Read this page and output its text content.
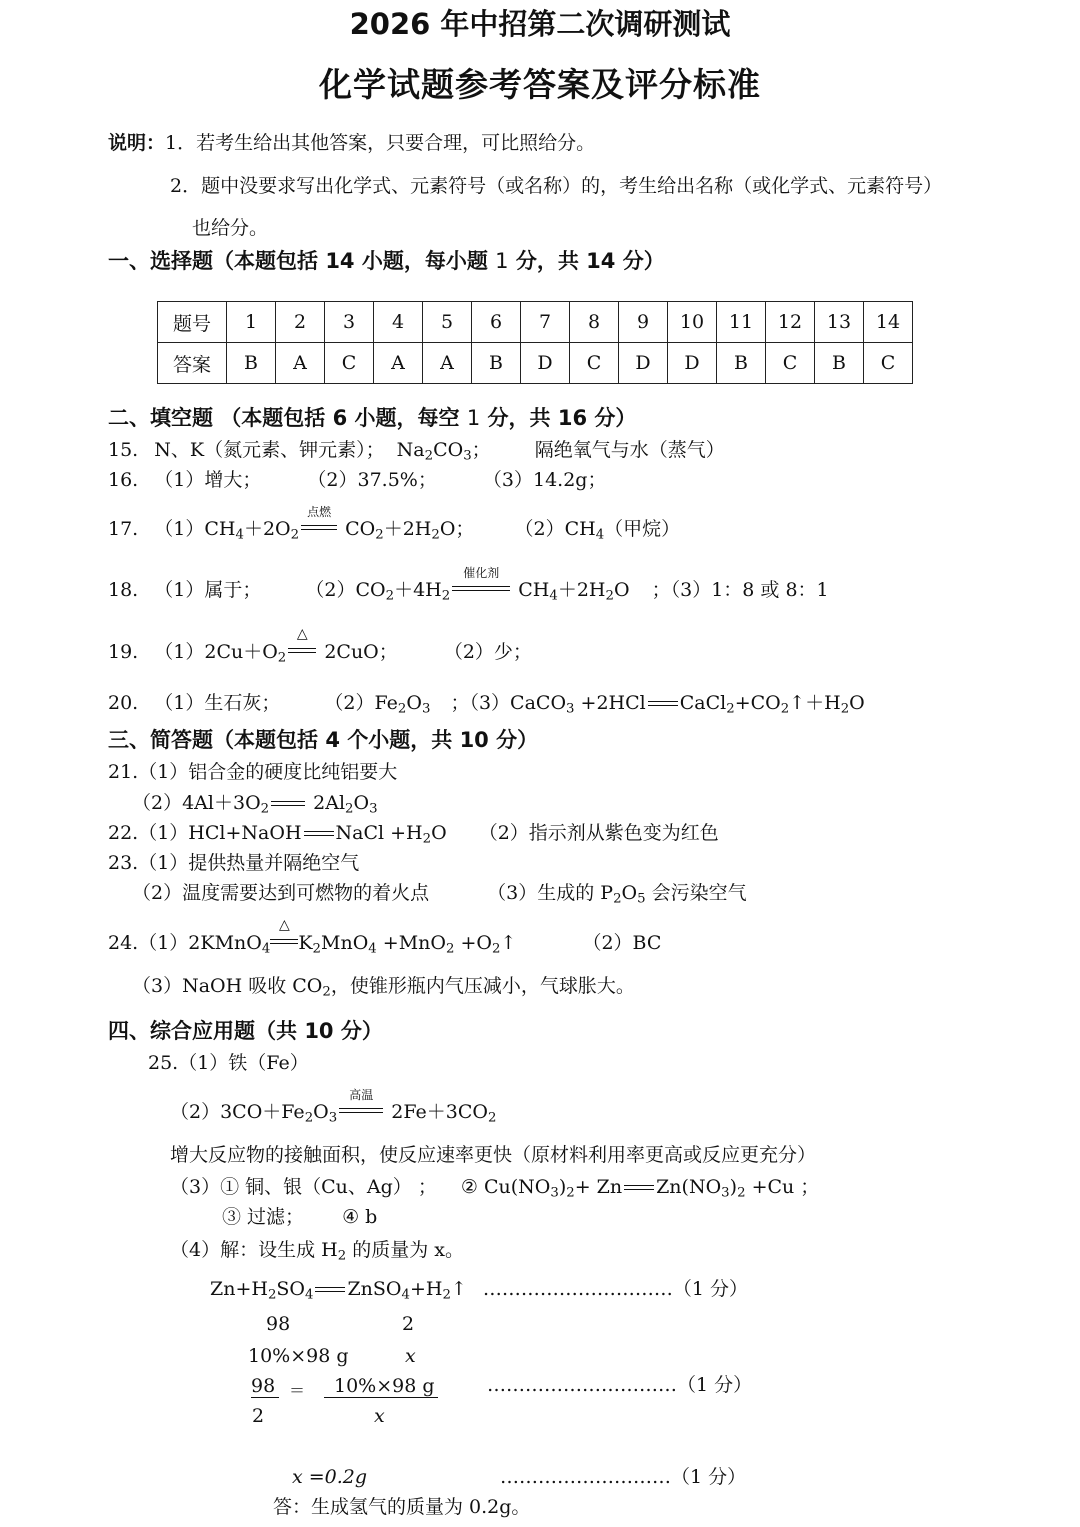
2026 年中招第二次调研测试
化学试题参考答案及评分标准
说明：1．若考生给出其他答案，只要合理，可比照给分。
2．题中没要求写出化学式、元素符号（或名称）的，考生给出名称（或化学式、元素符号）
也给分。
一、选择题（本题包括 14 小题，每小题 1 分，共 14 分）
题号	1	2	3	4	5	6	7	8	9	10	11	12	13	14
答案	B	A	C	A	A	B	D	C	D	D	B	C	B	C
二、填空题 （本题包括 6 小题，每空 1 分，共 16 分）
15. N、K（氮元素、钾元素）； $Na_2CO_3$； 隔绝氧气与水（蒸气）
16. （1）增大； （2）37.5%； （3）14.2g；
17. $(1)CH_4+2O_2$
点燃
$CO_2+2H_2O$； $(2)CH_4$（甲烷）
18. （1）属于； $(2)CO_2+4H_2$
催化剂
$CH_4+2H_2O$ ；（3）1：8 或 8：1
19. $(1)2Cu+O_2$
△
2CuO； （2）少；
20. （1）生石灰； $(2)Fe_2O_3$ ；（3）CaCO$_3$ +2HCl $CaCl_2+CO_2↑+H_2O$
三、简答题（本题包括 4 个小题，共 10 分）
21.（1）铝合金的硬度比纯铝要大
$(2)4Al+3O_2$ $2Al_2O_3$
22.（1）HCl+NaOH NaCl $+H_2O$ （2）指示剂从紫色变为红色
23.（1）提供热量并隔绝空气
（2）温度需要达到可燃物的着火点	（3）生成的 $P_2O_5$ 会污染空气
24.（1）2KMnO$_4$
△
$K_2MnO_4 +MnO_2$ $+O_2↑$	（2）BC
（3）NaOH 吸收 $CO_2$，使锥形瓶内气压减小，气球胀大。
四、综合应用题（共 10 分）
25.（1）铁（Fe）
$(2)3CO+Fe_2O_3$
高温
$2Fe+3CO_2$
增大反应物的接触面积，使反应速率更快（原材料利用率更高或反应更充分）
（3）① 铜、银（Cu、Ag） ； ② $Cu(NO_3)_2+ Zn$ $Zn(NO_3)_2 +Cu$ ；
③ 过滤； ④ b
（4）解：设生成 $H_2$ 的质量为 x。
$Zn+H_2SO_4$ $ZnSO_4+H_2↑$ …………………………（1 分）
98	2
10%×98 g	x
98
2
＝ 10%×98 g
x
…………………………（1 分）
x =0.2g	………………………（1 分）
答：生成氢气的质量为 0.2g。
